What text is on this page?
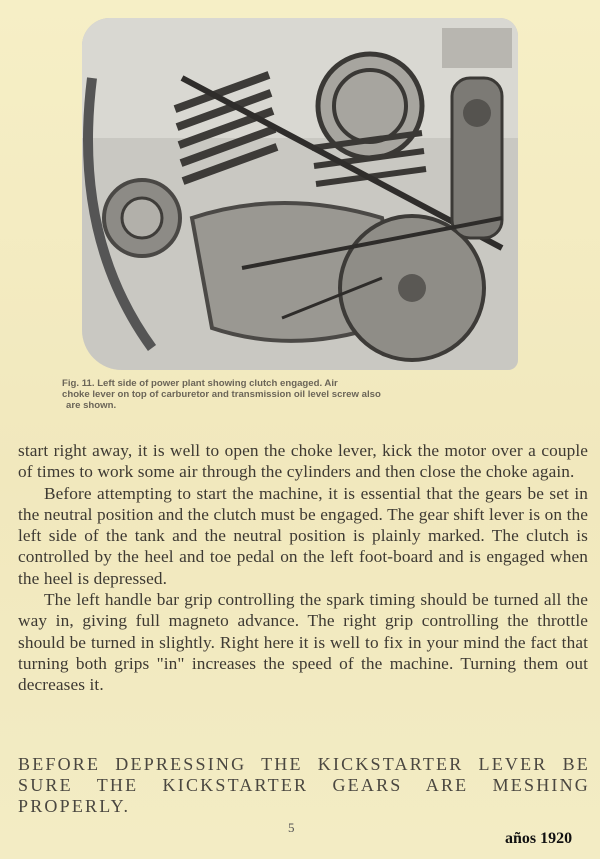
Fig. 11. Left side of power plant showing clutch engaged. Air
choke lever on top of carburetor and transmission oil level screw also
are shown.

start right away, it is well to open the choke lever, kick the motor over a couple of times to work some air through the cylinders and then close the choke again.

Before attempting to start the machine, it is essential that the gears be set in the neutral position and the clutch must be engaged. The gear shift lever is on the left side of the tank and the neutral position is plainly marked. The clutch is controlled by the heel and toe pedal on the left foot-board and is engaged when the heel is depressed.

The left handle bar grip controlling the spark timing should be turned all the way in, giving full magneto advance. The right grip controlling the throttle should be turned in slightly. Right here it is well to fix in your mind the fact that turning both grips "in" increases the speed of the machine. Turning them out decreases it.

BEFORE DEPRESSING THE KICKSTARTER LEVER BE SURE THE KICKSTARTER GEARS ARE MESHING PROPERLY.
5
años 1920
